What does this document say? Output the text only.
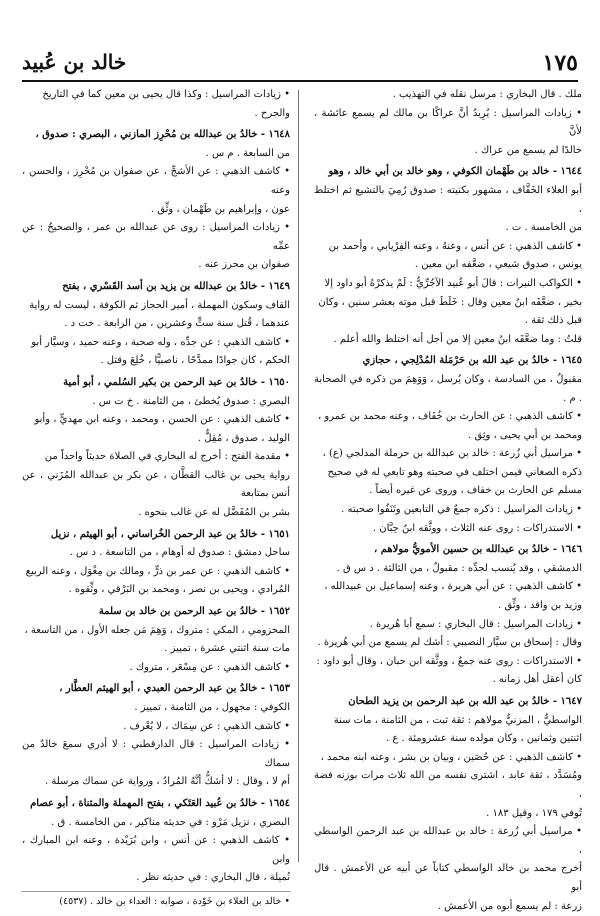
خالد بن عُبيد	١٧٥
ملك . قال البخاري : مرسل نقله في التهذيب .
• زيادات المراسيل : يُرِيدُ أنَّ عراكًا بن مالك لم يسمع عائشة ، لأنَّ
خالدًا لم يسمع من عراك .
١٦٤٤ - خالد بن طَهْمان الكوفي ، وهو خالد بن أبي خالد ، وهو
أبو العلاء الخَفَّاف ، مشهور بكنيته : صدوق رُمِيَ بالتشيع ثم اختلط ،
من الخامسة . ت .
• كاشف الذهبي : عن أنس ، وعنهُ ، وعنه الفِرْيابي ، وأحمد بن
يونس ، صدوق شيعي ، ضعَّفه ابن معين .
• الكواكب النيرات : قالَ أبو عُبيد الآجُرِّيُّ : لَمْ يذكرْهُ أبو داود إلا
بخير ، ضعَّفَه ابنُ معين وقال : خَلَطَ قبل موته بعشر سنين ، وكان
قبل ذلك ثقة .
قلتُ : وما ضعَّفَه ابنُ معين إلا من أجل أنه اختلط والله أعلم .
١٦٤٥ - خالدُ بن عبد الله بن حَرْمَلة المُدْلِجي ، حجازي
مقبولٌ ، من السادسة ، وكان يُرسل ، وَوَهِمَ من ذكره في الصحابة . م .
• كاشف الذهبي : عن الحارث بن خُفَاف ، وعنه محمد بن عمرو ،
ومحمد بن أبي يحيى ، وثِق .
• مراسيل أبي زُرعة : خالد بن عبدالله بن حرملة المدلجي (ع) ،
ذكره الصغاني فيمن اختلف في صحبته وهو تابعي له في صحيح
مسلم عن الحارث بن خفاف ، وروى عن غيره أيضاً .
• زيادات المراسيل : ذكره جمعٌ في التابعين وتَنَفُوا صحبته .
• الاستدراكات : روى عنه الثلاث ، ووثَّقه ابنُ حِبَّان .
١٦٤٦ - خالدُ بن عبدالله بن حسين الأمويُّ مولاهم ،
الدمشقي ، وقد يُنسب لجدِّه : مقبولٌ ، من الثالثة . د س ق .
• كاشف الذهبي : عن أبي هريرة ، وعنه إسماعيل بن عبيدالله ،
وزيد بن واقد ، وثِّق .
• زيادات المراسيل : قال البخاري : سمع أبا هُريرة .
وقال : إسحاق بن سيَّار النصيبي : أشك لم يسمع من أبي هُريرة .
• الاستدراكات : روى عنه جمعٌ ، ووثَّقه ابن حبان ، وقال أبو داود :
كان أعقل أهل زمانه .
١٦٤٧ - خالدُ بن عبد الله بن عبد الرحمن بن يزيد الطحان
الواسطيُّ ، المزنيُّ مولاهم : ثقة ثبت ، من الثامنة ، مات سنة
اثنتين وثمانين ، وكان مولده سنة عشرومئة . ع .
• كاشف الذهبي : عن حُصَين ، وبيان بن بشر ، وعنه ابنه محمد ،
ومُسَدَّد ، ثقة عابد ، اشترى نفسه من الله ثلاث مرات بوزنه فضة ،
تُوفي ١٧٩ ، وقيل ١٨٣ .
• مراسيل أبي زُرعة : خالد بن عبدالله بن عبد الرحمن الواسطي ،
أخرج محمد بن خالد الواسطي كتاباً عن أبيه عن الأعمش . قال أبو
زرعة : لم يسمع أبوه من الأعمش .
• زيادات المراسيل : وكذا قال يحيى بن معين كما في التاريخ
والجرح .
١٦٤٨ - خالدُ بن عبدالله بن مُحْرِز المازني ، البصري : صدوق ،
من السابعة . م س .
• كاشف الذهبي : عن الأشجِّ ، عن صفوان بن مُحْرِز ، والحسن ، وعنه
عون ، وإبراهيم بن طَهْمان ، وثِّق .
• زيادات المراسيل : روى عن عبدالله بن عمر ، والصحيحُ : عن عمِّه
صفوان بن محرز عنه .
١٦٤٩ - خالدُ بن عبدالله بن يزيد بن أسد القَسْري ، بفتح
القاف وسكون المهملة ، أمير الحجاز ثم الكوفة ، ليست له رواية
عندهما ، قُتل سنة ستٍّ وعشرين ، من الرابعة . خت د .
• كاشف الذهبي : عن جدِّه ، وله صحبة ، وعنه حميد ، وسيَّار أبو
الحكم ، كان جوادًا ممدَّحًا ، ناصبيًّا ، خُلِعَ وقتل .
١٦٥٠ - خالدُ بن عبد الرحمن بن بكير السُلمي ، أبو أمية
البصري : صدوق يُخطئ ، من الثامنة . خ ت س .
• كاشف الذهبي : عن الحسن ، ومحمد ، وعنه ابن مهديٍّ ، وأبو
الوليد ، صدوق ، مُقِلٌّ .
• مقدمة الفتح : أخرج له البخاري في الصلاة حديثاً واحداً من
رواية يحيى بن غالب القطَّان ، عن بكر بن عبدالله المُزَني ، عن أنس بمتابعة
بشر بن المُفَضَّل له عن غالب بنحوه .
١٦٥١ - خالدُ بن عبد الرحمن الخُراساني ، أبو الهيثم ، نزيل
ساحل دمشق : صدوق له أوهام ، من التاسعة . د س .
• كاشف الذهبي : عن عمر بن ذرٍّ ، ومالك بن مِغْوَل ، وعنه الربيع
المُرادي ، ويحيى بن نصر ، ومحمد بن البَرْقي ، وثِّقوه .
١٦٥٢ - خالدُ بن عبد الرحمن بن خالد بن سلمة
المخزومي ، المكي : متروك ، وَهِمَ مَن جعله الأول ، من التاسعة ،
مات سنة اثنتي عشرة ، تمييز .
• كاشف الذهبي : عن مِسْعَر ، متروك .
١٦٥٣ - خالدُ بن عبد الرحمن العبدي ، أبو الهيثم العطَّار ،
الكوفي : مجهول ، من الثامنة ، تمييز .
• كاشف الذهبي : عن سِمَاك ، لا يُعْرف .
• زيادات المراسيل : قال الدارقطني : لا أدري سمعَ خالدٌ من سماك
أم لا ، وقال : لا أشكُّ أنَّهُ المُرادُ ، ورواية عن سماك مرسلة .
١٦٥٤ - خالدُ بن عُبيد العَتَكي ، بفتح المهملة والمثناة ، أبو عصام
البصري ، نزيل مَرْو : في حديثه مناكير ، من الخامسة . ق .
• كاشف الذهبي : عن أنس ، وابن بُرَيْدة ، وعنه ابن المبارك ، وابن
نُميلة ، قال البخاري : في حديثه نظر .
• خالد بن العلاء بن خَوْدة ، صوابه : العداء بن خالد . (٤٥٣٧)
